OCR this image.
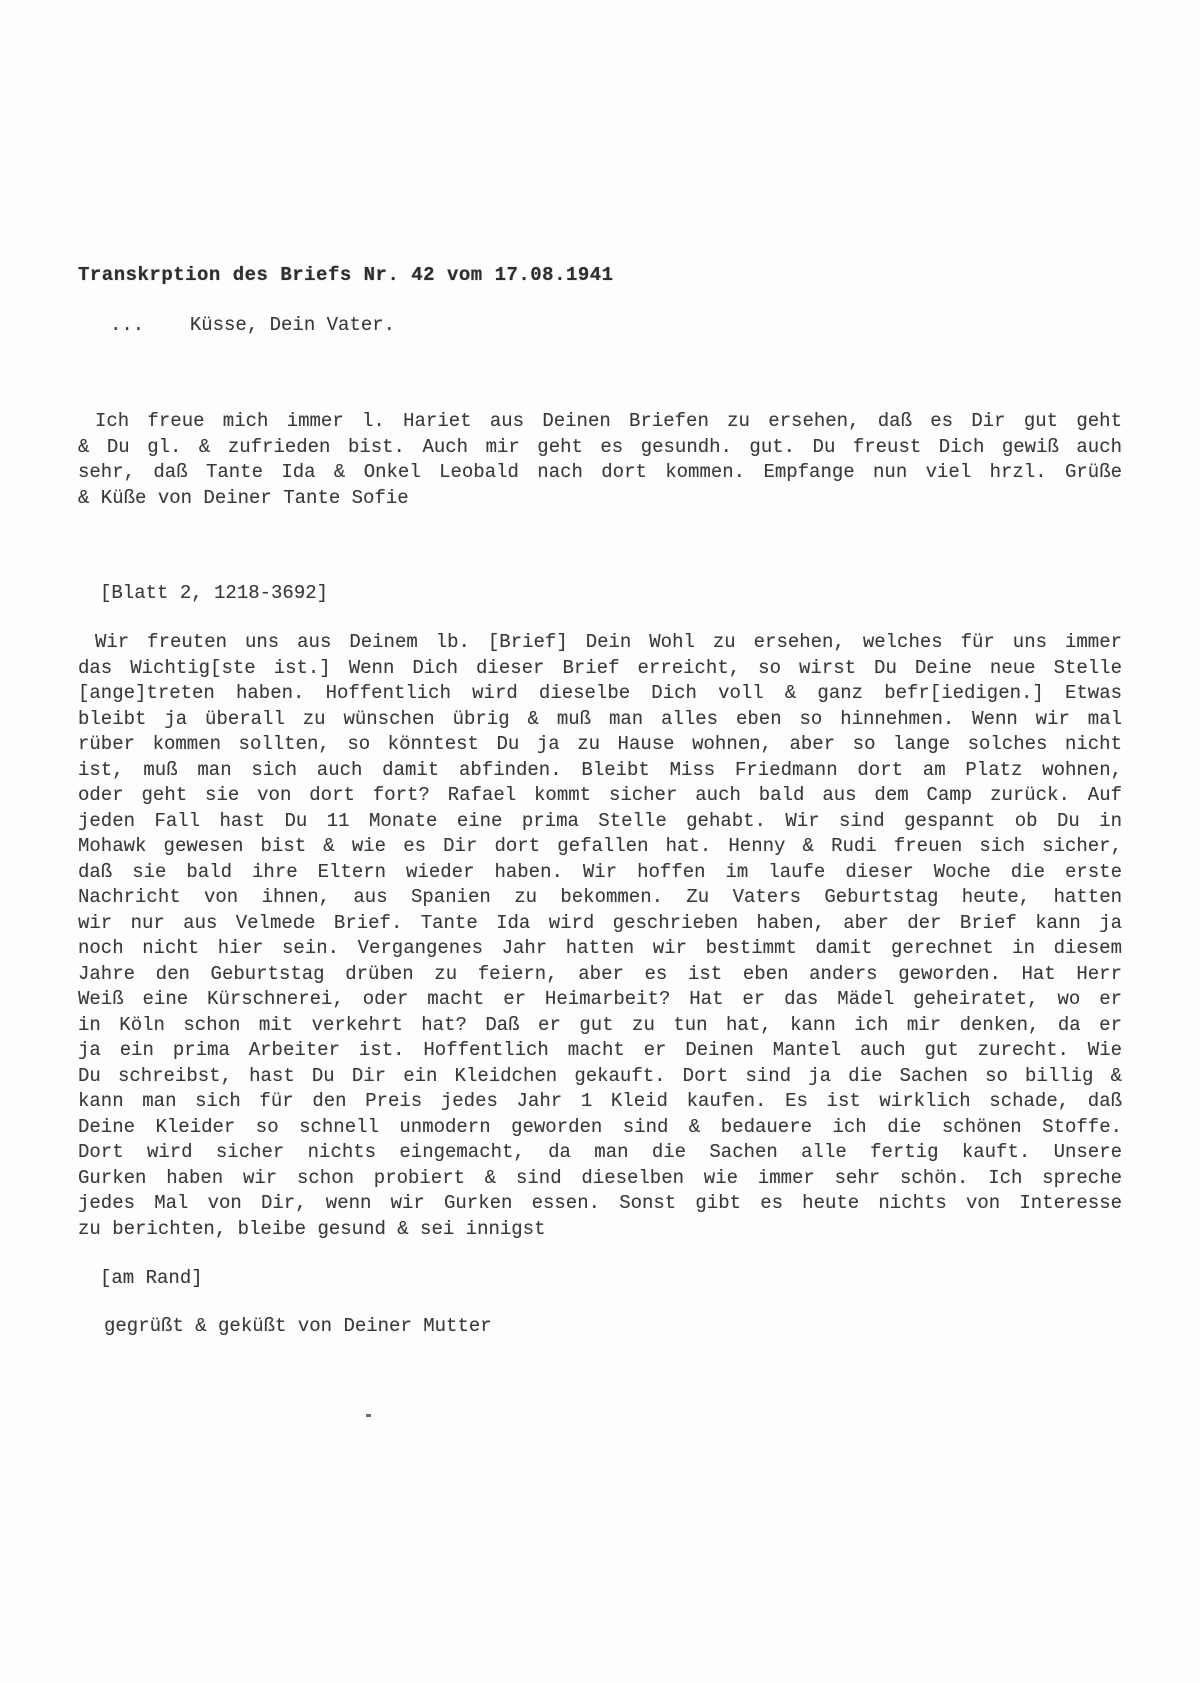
Transkrption des Briefs Nr. 42 vom 17.08.1941
...    Küsse, Dein Vater.
Ich freue mich immer l. Hariet aus Deinen Briefen zu ersehen, daß es Dir gut geht
& Du gl. & zufrieden bist. Auch mir geht es gesundh. gut. Du freust Dich gewiß auch
sehr, daß Tante Ida & Onkel Leobald nach dort kommen. Empfange nun viel hrzl. Grüße
& Küße von Deiner Tante Sofie
[Blatt 2, 1218-3692]
Wir freuten uns aus Deinem lb. [Brief] Dein Wohl zu ersehen, welches für uns immer
das Wichtig[ste ist.] Wenn Dich dieser Brief erreicht, so wirst Du Deine neue Stelle
[ange]treten haben. Hoffentlich wird dieselbe Dich voll & ganz befr[iedigen.] Etwas
bleibt ja überall zu wünschen übrig & muß man alles eben so hinnehmen. Wenn wir mal
rüber kommen sollten, so könntest Du ja zu Hause wohnen, aber so lange solches nicht
ist, muß man sich auch damit abfinden. Bleibt Miss Friedmann dort am Platz wohnen,
oder geht sie von dort fort? Rafael kommt sicher auch bald aus dem Camp zurück. Auf
jeden Fall hast Du 11 Monate eine prima Stelle gehabt. Wir sind gespannt ob Du in
Mohawk gewesen bist & wie es Dir dort gefallen hat. Henny & Rudi freuen sich sicher,
daß sie bald ihre Eltern wieder haben. Wir hoffen im laufe dieser Woche die erste
Nachricht von ihnen, aus Spanien zu bekommen. Zu Vaters Geburtstag heute, hatten
wir nur aus Velmede Brief. Tante Ida wird geschrieben haben, aber der Brief kann ja
noch nicht hier sein. Vergangenes Jahr hatten wir bestimmt damit gerechnet in diesem
Jahre den Geburtstag drüben zu feiern, aber es ist eben anders geworden. Hat Herr
Weiß eine Kürschnerei, oder macht er Heimarbeit? Hat er das Mädel geheiratet, wo er
in Köln schon mit verkehrt hat? Daß er gut zu tun hat, kann ich mir denken, da er
ja ein prima Arbeiter ist. Hoffentlich macht er Deinen Mantel auch gut zurecht. Wie
Du schreibst, hast Du Dir ein Kleidchen gekauft. Dort sind ja die Sachen so billig &
kann man sich für den Preis jedes Jahr 1 Kleid kaufen. Es ist wirklich schade, daß
Deine Kleider so schnell unmodern geworden sind & bedauere ich die schönen Stoffe.
Dort wird sicher nichts eingemacht, da man die Sachen alle fertig kauft. Unsere
Gurken haben wir schon probiert & sind dieselben wie immer sehr schön. Ich spreche
jedes Mal von Dir, wenn wir Gurken essen. Sonst gibt es heute nichts von Interesse
zu berichten, bleibe gesund & sei innigst
[am Rand]
gegrüßt & geküßt von Deiner Mutter
